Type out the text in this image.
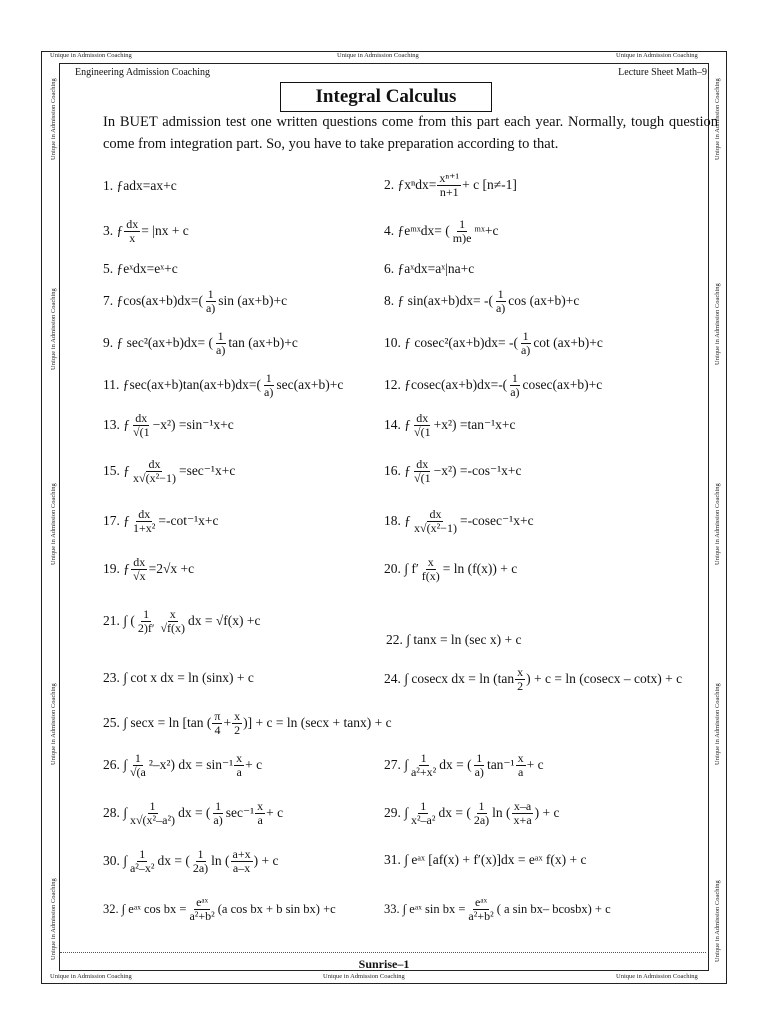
Unique in Admission Coaching	Unique in Admission Coaching	Unique in Admission Coaching
Unique in Admission Coaching	Unique in Admission Coaching	Unique in Admission Coaching
Unique in Admission Coaching
Unique in Admission Coaching
Unique in Admission Coaching
Unique in Admission Coaching
Unique in Admission Coaching
Unique in Admission Coaching
Unique in Admission Coaching
Unique in Admission Coaching
Unique in Admission Coaching
Unique in Admission Coaching
Engineering Admission Coaching	Lecture Sheet Math–9
Integral Calculus
In BUET admission test one written questions come from this part each year. Normally, tough question come from integration part. So, you have to take preparation according to that.
1. ƒadx=ax+c	2. ƒxⁿdx= xⁿ⁺¹
n+1 + c [n≠-1]
3. ƒ dx
x = |nx + c	4. ƒeᵐˣdx= ( 1
m)e ᵐˣ+c
5. ƒeˣdx=eˣ+c	6. ƒaˣdx=aˣ|na+c
7. ƒcos(ax+b)dx=( 1
a) sin (ax+b)+c	8. ƒ sin(ax+b)dx= -( 1
a) cos (ax+b)+c
9. ƒ sec²(ax+b)dx= ( 1
a) tan (ax+b)+c	10. ƒ cosec²(ax+b)dx= -( 1
a) cot (ax+b)+c
11. ƒsec(ax+b)tan(ax+b)dx=( 1
a) sec(ax+b)+c	12. ƒcosec(ax+b)dx=-( 1
a) cosec(ax+b)+c
13. ƒ dx
√(1 −x²) =sin⁻¹x+c	14. ƒ dx
√(1 +x²) =tan⁻¹x+c
15. ƒ dx
x√(x²−1) =sec⁻¹x+c	16. ƒ dx
√(1 −x²) =-cos⁻¹x+c
17. ƒ dx
1+x² =-cot⁻¹x+c	18. ƒ dx
x√(x²−1) =-cosec⁻¹x+c
19. ƒ dx
√x =2√x +c	20. ∫ f′ x
f(x) = ln (f(x)) + c
21. ∫ ( 1
2)f′
x
√f(x) dx = √f(x) +c
22. ∫ tanx = ln (sec x) + c
23. ∫ cot x dx = ln (sinx) + c	24. ∫ cosecx dx = ln (tan x
2 ) + c = ln (cosecx – cotx) + c
25. ∫ secx = ln [tan ( π
4 + x
2 )] + c = ln (secx + tanx) + c
26. ∫ 1
√(a ²–x²) dx = sin⁻¹ x
a + c	27. ∫ 1
a²+x² dx = ( 1
a) tan⁻¹ x
a + c
28. ∫ 1
x√(x²–a²) dx = ( 1
a) sec⁻¹ x
a + c	29. ∫ 1
x²–a² dx = ( 1
2a) ln ( x–a
x+a ) + c
30. ∫ 1
a²–x² dx = ( 1
2a) ln ( a+x
a–x ) + c	31. ∫ eᵃˣ [af(x) + f′(x)]dx = eᵃˣ f(x) + c
32. ∫ eᵃˣ cos bx = eᵃˣ
a²+b² (a cos bx + b sin bx) +c	33. ∫ eᵃˣ sin bx = eᵃˣ
a²+b² ( a sin bx– bcosbx) + c
Sunrise–1
